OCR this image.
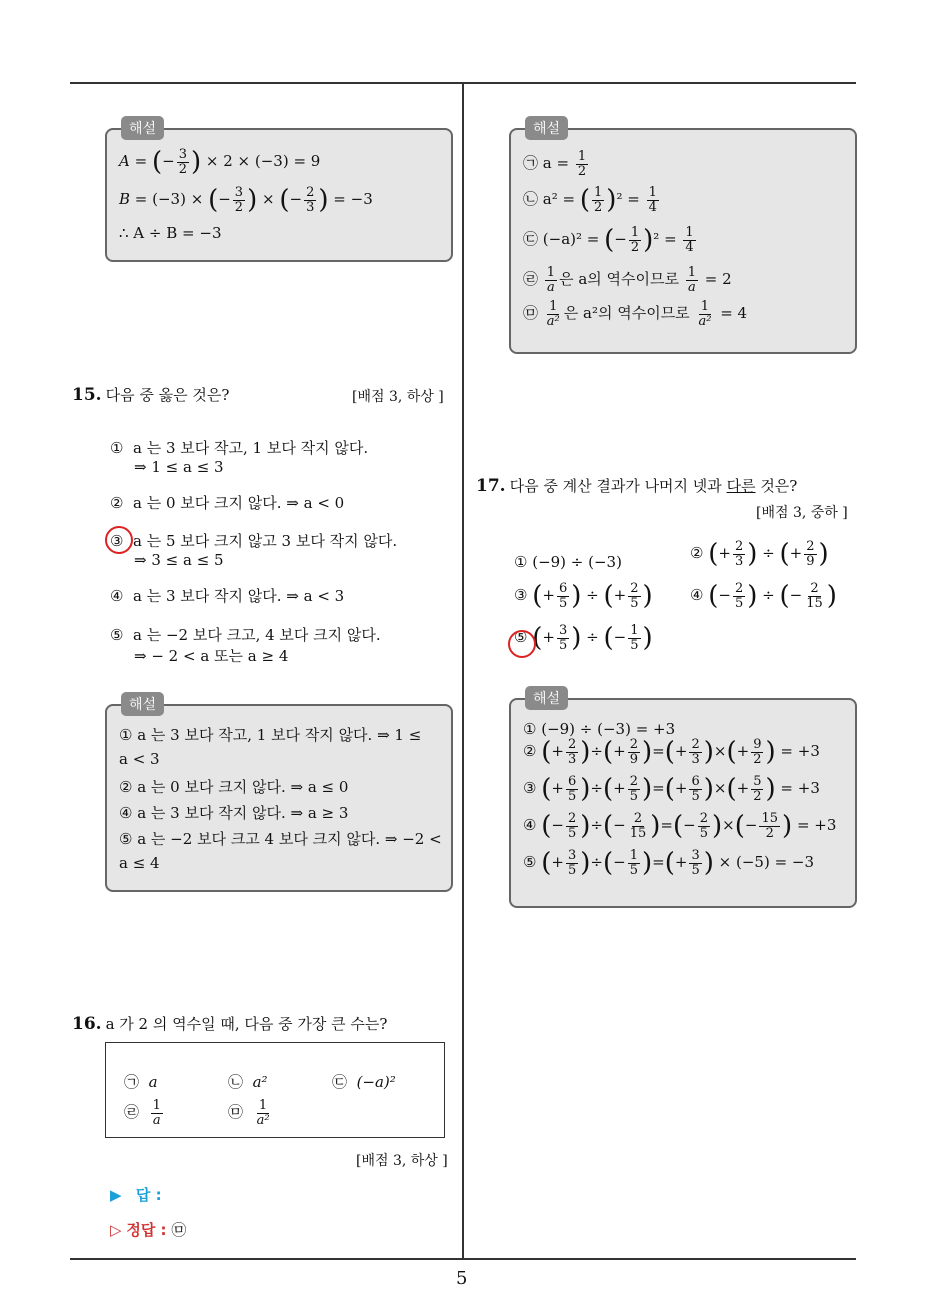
해설
A = (− $\frac{3}{2}$ ) × 2 × (−3) = 9
B = (−3) × (− $\frac{3}{2}$ ) × (− $\frac{2}{3}$ ) = −3
∴ A ÷ B = −3
15. 다음 중 옳은 것은?	[배점 3, 하상 ]
① a 는 3 보다 작고, 1 보다 작지 않다.
⇒ 1 ≤ a ≤ 3
② a 는 0 보다 크지 않다. ⇒ a < 0
③ a 는 5 보다 크지 않고 3 보다 작지 않다.
⇒ 3 ≤ a ≤ 5
④ a 는 3 보다 작지 않다. ⇒ a < 3
⑤ a 는 −2 보다 크고, 4 보다 크지 않다.
⇒ − 2 < a 또는 a ≥ 4
해설
① a 는 3 보다 작고, 1 보다 작지 않다. ⇒ 1 ≤
a < 3
② a 는 0 보다 크지 않다. ⇒ a ≤ 0
④ a 는 3 보다 작지 않다. ⇒ a ≥ 3
⑤ a 는 −2 보다 크고 4 보다 크지 않다. ⇒ −2 <
a ≤ 4
16. a 가 2 의 역수일 때, 다음 중 가장 큰 수는?
㉠ a	㉡ a²	㉢ (−a)²
㉣ $\frac{1}{a}$	㉤ $\frac{1}{\text{a²}}$
[배점 3, 하상 ]
▶ 답 :
▷ 정답 : ㉤
해설
㉠ $a = \frac{1}{2}$
㉡ a² = ( $\frac{1}{2} )^2 = \frac{1}{4}$
㉢ (−a)² = (− $\frac{1}{2} )^2 = \frac{1}{4}$
㉣ $\frac{1}{a}$ 은 a의 역수이므로 $\frac{1}{a} = 2$
㉤ $\frac{1}{\text{a²}}$ 은 a²의 역수이므로 $\frac{1}{\text{a²}} = 4$
17. 다음 중 계산 결과가 나머지 넷과 다른 것은?
[배점 3, 중하 ]
① (−9) ÷ (−3)	② (+ $\frac{2}{3}$ ) ÷ (+ $\frac{2}{9}$ )
③ (+ $\frac{6}{5}$ ) ÷ (+ $\frac{2}{5}$ ) ④ (− $\frac{2}{5}$ ) ÷ (− $\frac{2}{15}$ )
⑤ (+ $\frac{3}{5}$ ) ÷ (− $\frac{1}{5}$ )
해설
① (−9) ÷ (−3) = +3
② (+ $\frac{2}{3}$ )÷(+ $\frac{2}{9}$ )=(+ $\frac{2}{3}$ )×(+ $\frac{9}{2}$ ) = +3
③ (+ $\frac{6}{5}$ )÷(+ $\frac{2}{5}$ )=(+ $\frac{6}{5}$ )×(+ $\frac{5}{2}$ ) = +3
④ (− $\frac{2}{5}$ )÷(− $\frac{2}{15}$ )=(− $\frac{2}{5}$ )×(− $\frac{15}{2}$ ) = +3
⑤ (+ $\frac{3}{5}$ )÷(− $\frac{1}{5}$ )=(+ $\frac{3}{5}$ ) × (−5) = −3
5
